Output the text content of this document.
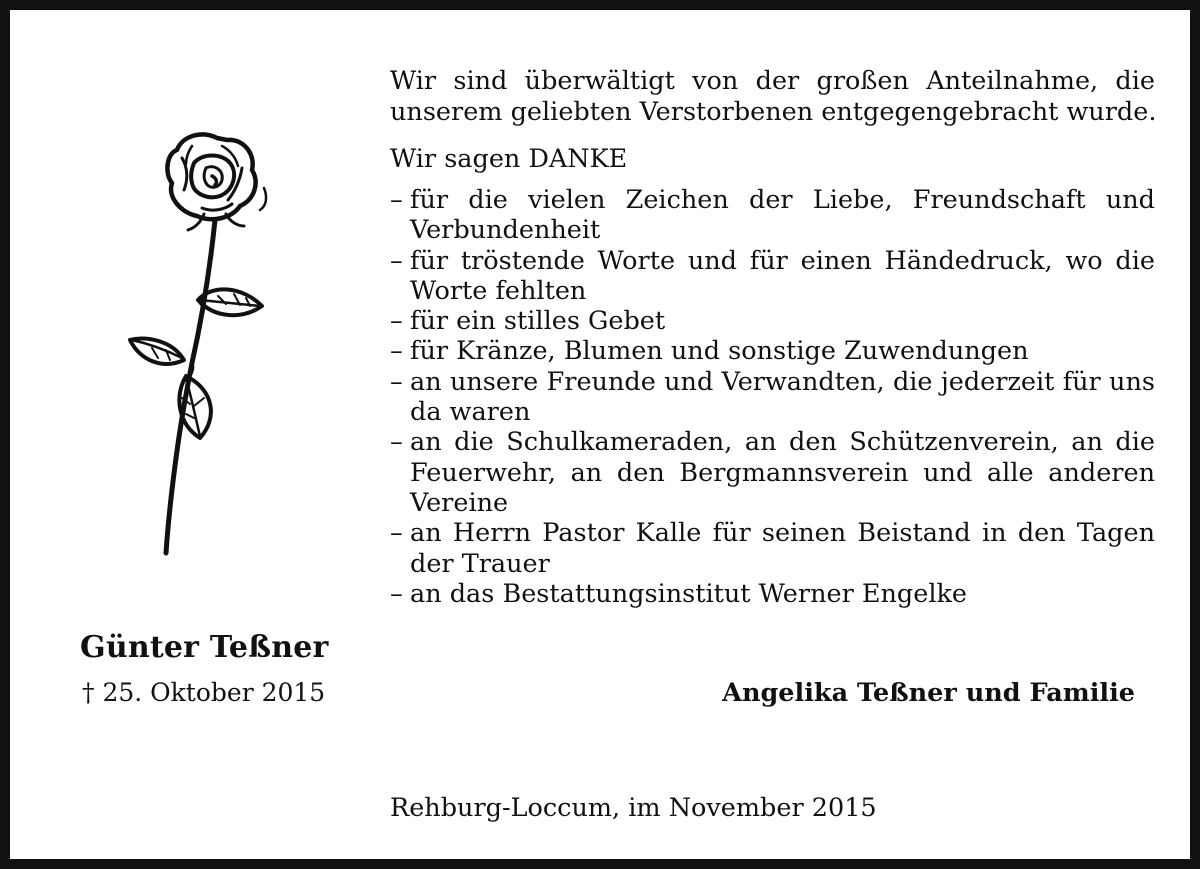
Günter Teßner
† 25. Oktober 2015
Wir sind überwältigt von der großen Anteilnahme, die
unserem geliebten Verstorbenen entgegengebracht wurde.
Wir sagen DANKE
– für die vielen Zeichen der Liebe, Freundschaft und Verbundenheit
– für tröstende Worte und für einen Händedruck, wo die Worte fehlten
– für ein stilles Gebet
– für Kränze, Blumen und sonstige Zuwendungen
– an unsere Freunde und Verwandten, die jederzeit für uns da waren
– an die Schulkameraden, an den Schützenverein, an die Feuerwehr, an den Bergmannsverein und alle anderen Vereine
– an Herrn Pastor Kalle für seinen Beistand in den Tagen der Trauer
– an das Bestattungsinstitut Werner Engelke
Angelika Teßner und Familie
Rehburg-Loccum, im November 2015
